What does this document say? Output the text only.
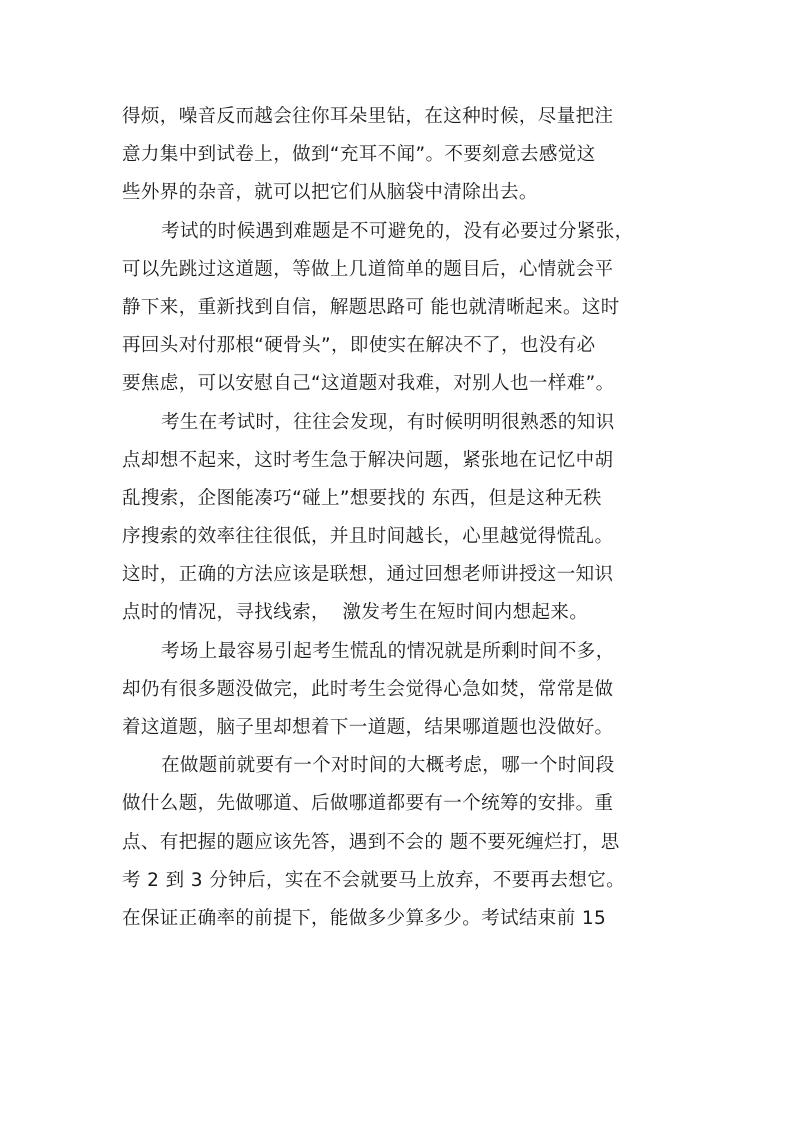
得烦，噪音反而越会往你耳朵里钻，在这种时候，尽量把注
意力集中到试卷上，做到“充耳不闻”。不要刻意去感觉这
些外界的杂音，就可以把它们从脑袋中清除出去。
考试的时候遇到难题是不可避免的，没有必要过分紧张，
可以先跳过这道题，等做上几道简单的题目后，心情就会平
静下来，重新找到自信，解题思路可 能也就清晰起来。这时
再回头对付那根“硬骨头”，即使实在解决不了，也没有必
要焦虑，可以安慰自己“这道题对我难，对别人也一样难”。
考生在考试时，往往会发现，有时候明明很熟悉的知识
点却想不起来，这时考生急于解决问题，紧张地在记忆中胡
乱搜索，企图能凑巧“碰上”想要找的 东西，但是这种无秩
序搜索的效率往往很低，并且时间越长，心里越觉得慌乱。
这时，正确的方法应该是联想，通过回想老师讲授这一知识
点时的情况，寻找线索，  激发考生在短时间内想起来。
考场上最容易引起考生慌乱的情况就是所剩时间不多，
却仍有很多题没做完，此时考生会觉得心急如焚，常常是做
着这道题，脑子里却想着下一道题，结果哪道题也没做好。
在做题前就要有一个对时间的大概考虑，哪一个时间段
做什么题，先做哪道、后做哪道都要有一个统筹的安排。重
点、有把握的题应该先答，遇到不会的 题不要死缠烂打，思
考 2 到 3 分钟后，实在不会就要马上放弃，不要再去想它。
在保证正确率的前提下，能做多少算多少。考试结束前 15
